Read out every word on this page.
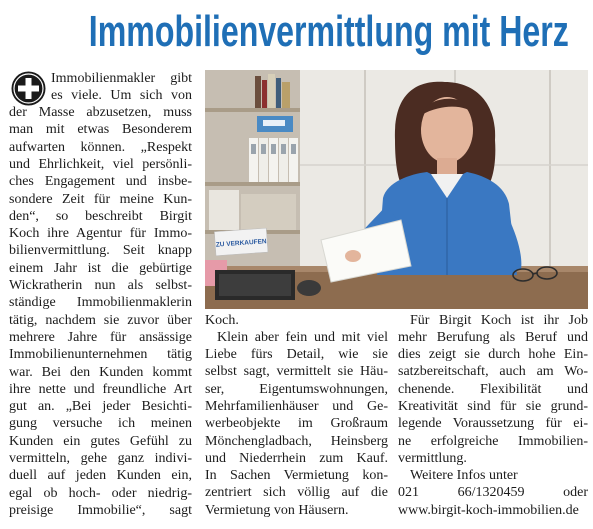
Immobilienvermittlung mit Herz
Immobilienmakler gibt
es viele. Um sich von
der Masse abzusetzen, muss
man mit etwas Besonderem
aufwarten können. „Respekt
und Ehrlichkeit, viel persönli-
ches Engagement und insbe-
sondere Zeit für meine Kun-
den“, so beschreibt Birgit
Koch ihre Agentur für Immo-
bilienvermittlung. Seit knapp
einem Jahr ist die gebürtige
Wickratherin nun als selbst-
ständige Immobilienmaklerin
tätig, nachdem sie zuvor über
mehrere Jahre für ansässige
Immobilienunternehmen tätig
war. Bei den Kunden kommt
ihre nette und freundliche Art
gut an. „Bei jeder Besichti-
gung versuche ich meinen
Kunden ein gutes Gefühl zu
vermitteln, gehe ganz indivi-
duell auf jeden Kunden ein,
egal ob hoch- oder niedrig-
preisige Immobilie“, sagt
ZU VERKAUFEN
Koch.
Klein aber fein und mit viel
Liebe fürs Detail, wie sie
selbst sagt, vermittelt sie Häu-
ser, Eigentumswohnungen,
Mehrfamilienhäuser und Ge-
werbeobjekte im Großraum
Mönchengladbach, Heinsberg
und Niederrhein zum Kauf.
In Sachen Vermietung kon-
zentriert sich völlig auf die
Vermietung von Häusern.
Für Birgit Koch ist ihr Job
mehr Berufung als Beruf und
dies zeigt sie durch hohe Ein-
satzbereitschaft, auch am Wo-
chenende. Flexibilität und
Kreativität sind für sie grund-
legende Voraussetzung für ei-
ne erfolgreiche Immobilien-
vermittlung.
Weitere Infos unter
021 66/1320459 oder
www.birgit-koch-immobilien.de
